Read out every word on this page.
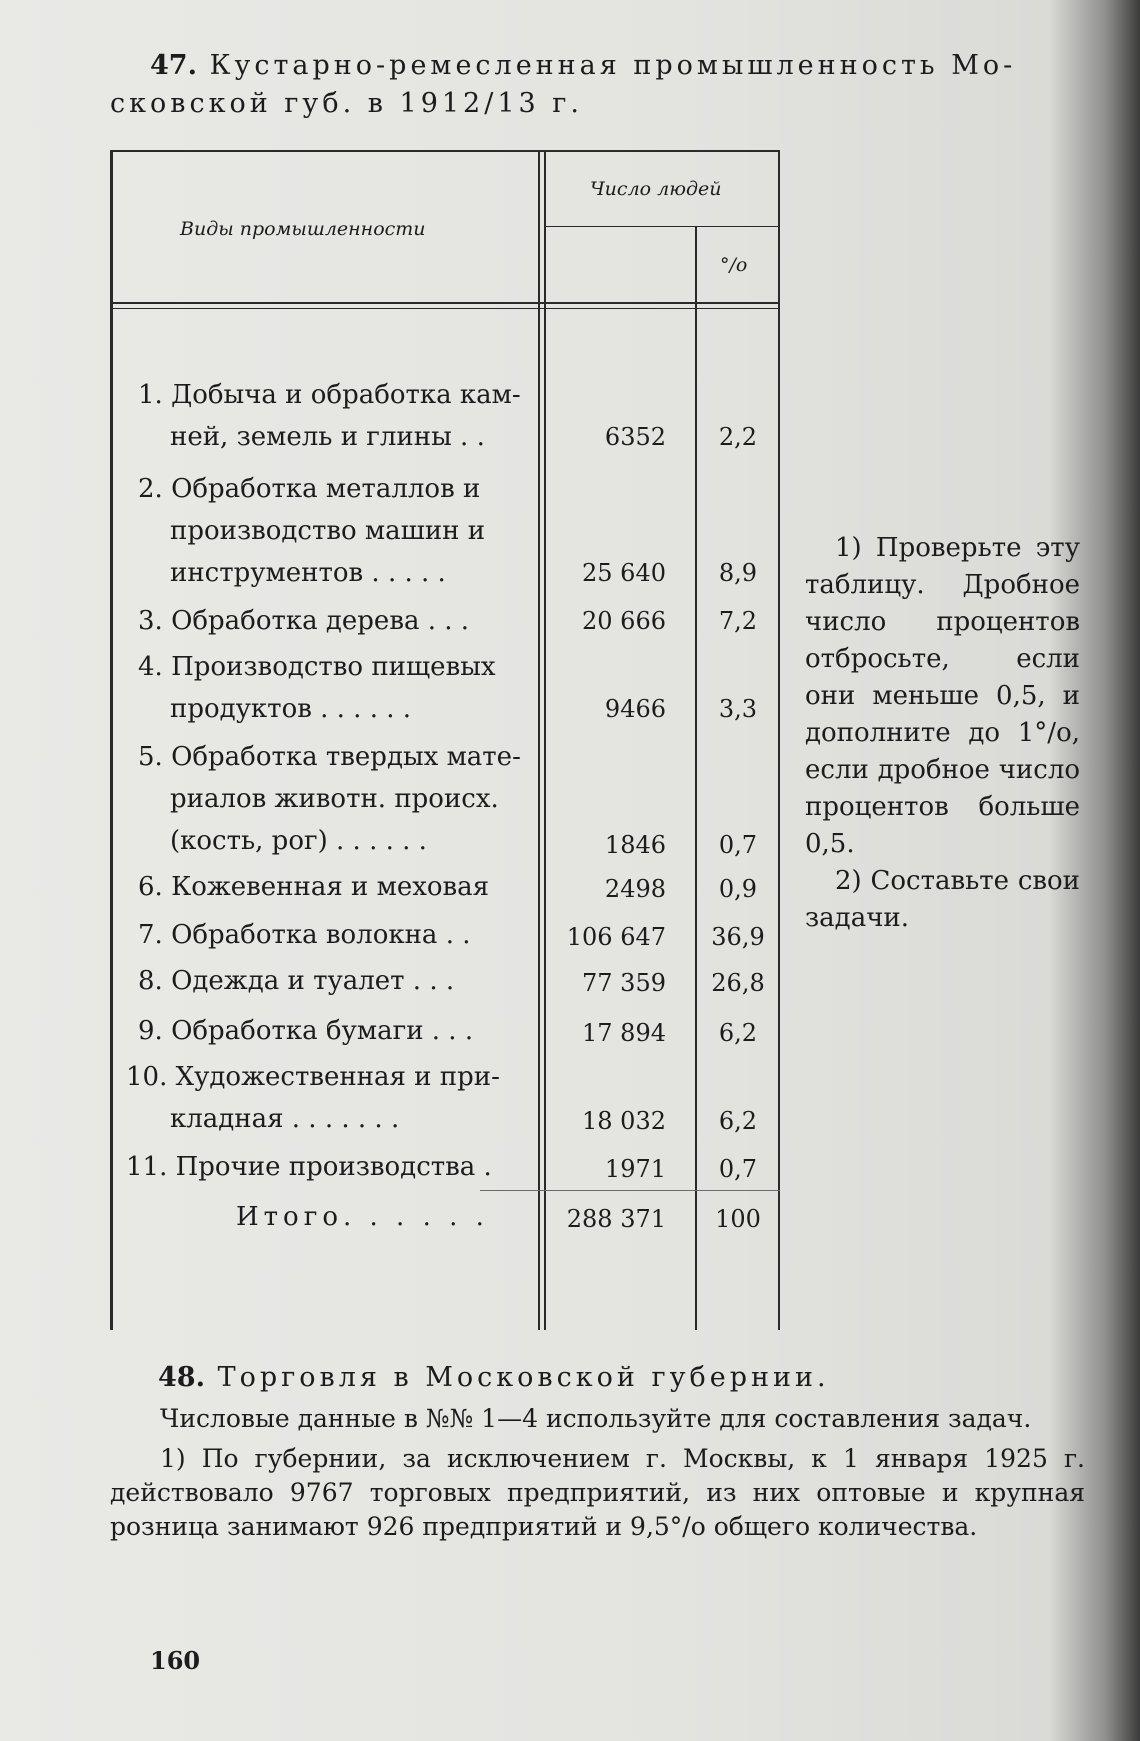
47. Кустарно-ремесленная промышленность Мо-
сковской губ. в 1912/13 г.
Виды промышленности
Число людей
°/о
1. Добыча и обработка кам-
ней, земель и глины . .	6352	2,2
2. Обработка металлов и
производство машин и
инструментов . . . . .	25 640	8,9
3. Обработка дерева . . .	20 666	7,2
4. Производство пищевых
продуктов . . . . . .	9466	3,3
5. Обработка твердых мате-
риалов животн. происх.
(кость, рог) . . . . . .	1846	0,7
6. Кожевенная и меховая	2498	0,9
7. Обработка волокна . .	106 647	36,9
8. Одежда и туалет . . .	77 359	26,8
9. Обработка бумаги . . .	17 894	6,2
10. Художественная и при-
кладная . . . . . . .	18 032	6,2
11. Прочие производства .	1971	0,7
Итого. . . . . .	288 371	100

1) Проверьте эту таблицу. Дробное число процентов отбросьте, если они меньше 0,5, и дополните до 1°/о, если дробное число процентов больше 0,5.

2) Составьте свои задачи.

48. Торговля в Московской губернии.

Числовые данные в №№ 1—4 используйте для составления задач.

1) По губернии, за исключением г. Москвы, к 1 января 1925 г. действовало 9767 торговых предприятий, из них оптовые и крупная розница занимают 926 предприятий и 9,5°/о общего количества.

160
